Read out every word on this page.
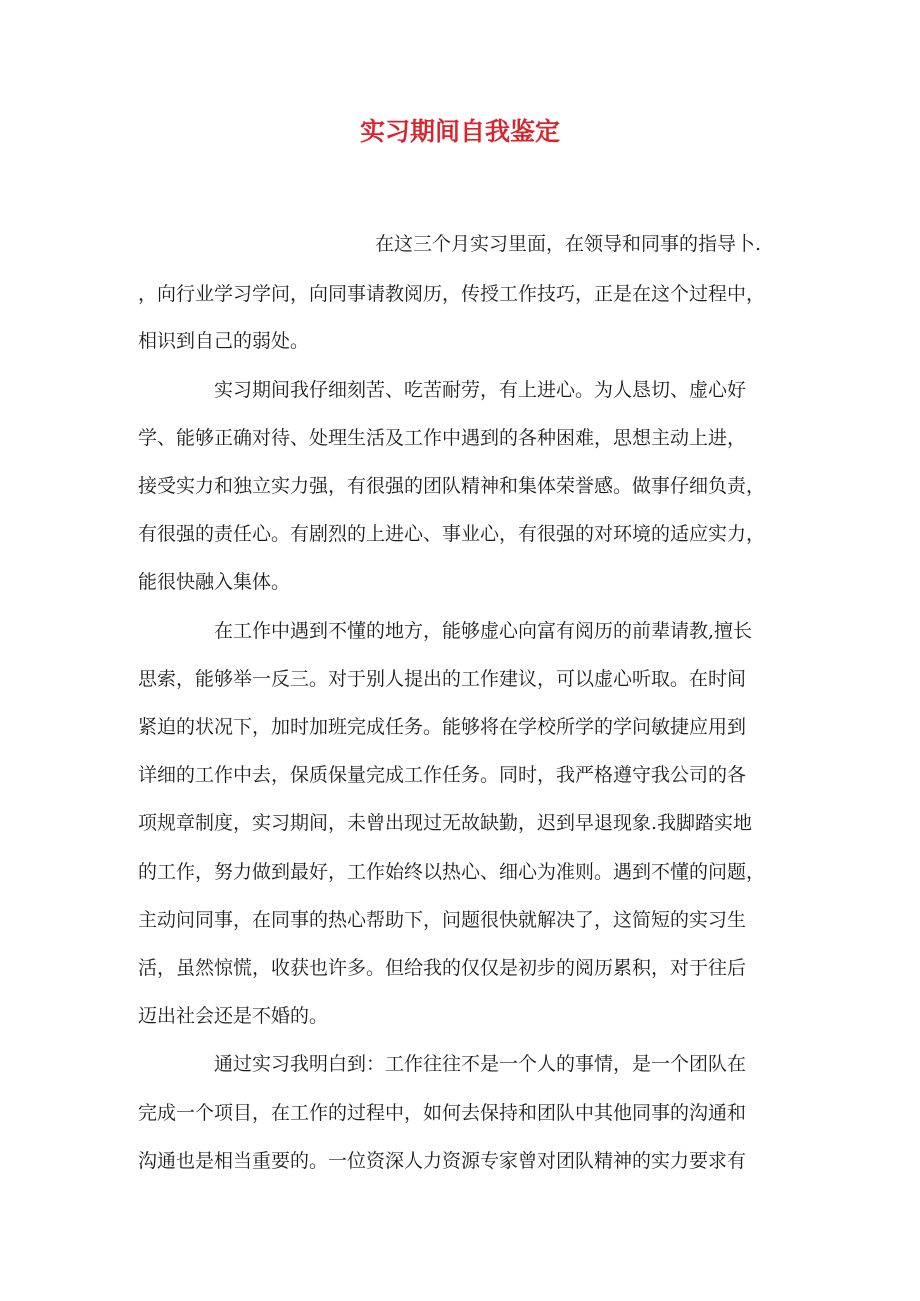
实习期间自我鉴定
在这三个月实习里面，在领导和同事的指导卜.
，向行业学习学问，向同事请教阅历，传授工作技巧，正是在这个过程中，
相识到自己的弱处。
实习期间我仔细刻苦、吃苦耐劳，有上进心。为人恳切、虚心好
学、能够正确对待、处理生活及工作中遇到的各种困难，思想主动上进，
接受实力和独立实力强，有很强的团队精神和集体荣誉感。做事仔细负责，
有很强的责任心。有剧烈的上进心、事业心，有很强的对环境的适应实力，
能很快融入集体。
在工作中遇到不懂的地方，能够虚心向富有阅历的前辈请教,擅长
思索，能够举一反三。对于别人提出的工作建议，可以虚心听取。在时间
紧迫的状况下，加时加班完成任务。能够将在学校所学的学问敏捷应用到
详细的工作中去，保质保量完成工作任务。同时，我严格遵守我公司的各
项规章制度，实习期间，未曾出现过无故缺勤，迟到早退现象.我脚踏实地
的工作，努力做到最好，工作始终以热心、细心为准则。遇到不懂的问题，
主动问同事，在同事的热心帮助下，问题很快就解决了，这简短的实习生
活，虽然惊慌，收获也许多。但给我的仅仅是初步的阅历累积，对于往后
迈出社会还是不婚的。
通过实习我明白到：工作往往不是一个人的事情，是一个团队在
完成一个项目，在工作的过程中，如何去保持和团队中其他同事的沟通和
沟通也是相当重要的。一位资深人力资源专家曾对团队精神的实力要求有
